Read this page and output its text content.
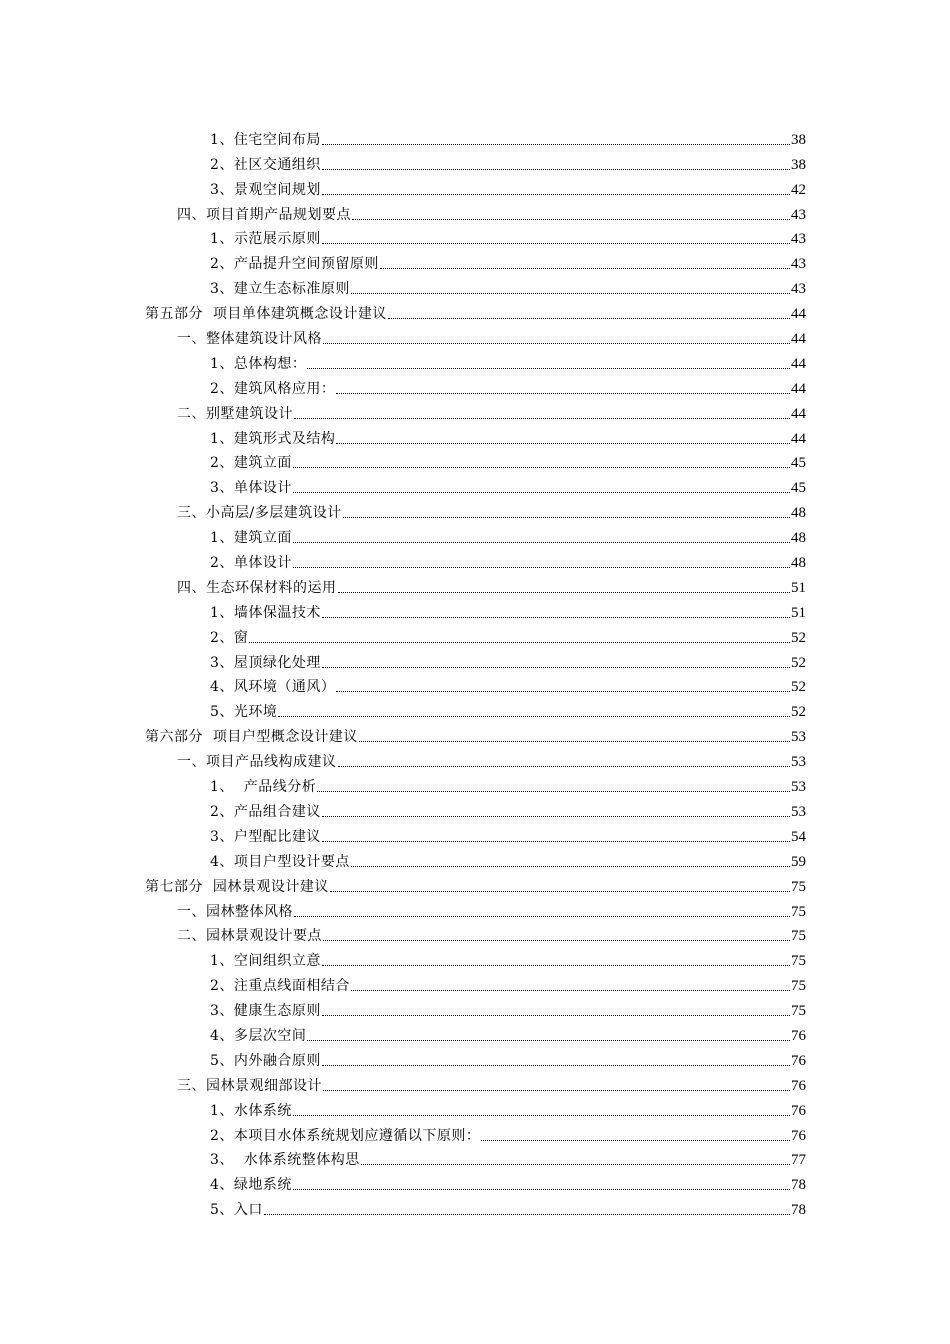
1、住宅空间布局	38
2、社区交通组织	38
3、景观空间规划	42
四、项目首期产品规划要点	43
1、示范展示原则	43
2、产品提升空间预留原则	43
3、建立生态标准原则	43
第五部分  项目单体建筑概念设计建议	44
一、整体建筑设计风格	44
1、总体构想：	44
2、建筑风格应用：	44
二、别墅建筑设计	44
1、建筑形式及结构	44
2、建筑立面	45
3、单体设计	45
三、小高层/多层建筑设计	48
1、建筑立面	48
2、单体设计	48
四、生态环保材料的运用	51
1、墙体保温技术	51
2、窗	52
3、屋顶绿化处理	52
4、风环境（通风）	52
5、光环境	52
第六部分  项目户型概念设计建议	53
一、项目产品线构成建议	53
1、  产品线分析	53
2、产品组合建议	53
3、户型配比建议	54
4、项目户型设计要点	59
第七部分  园林景观设计建议	75
一、园林整体风格	75
二、园林景观设计要点	75
1、空间组织立意	75
2、注重点线面相结合	75
3、健康生态原则	75
4、多层次空间	76
5、内外融合原则	76
三、园林景观细部设计	76
1、水体系统	76
2、本项目水体系统规划应遵循以下原则：	76
3、  水体系统整体构思	77
4、绿地系统	78
5、入口	78
